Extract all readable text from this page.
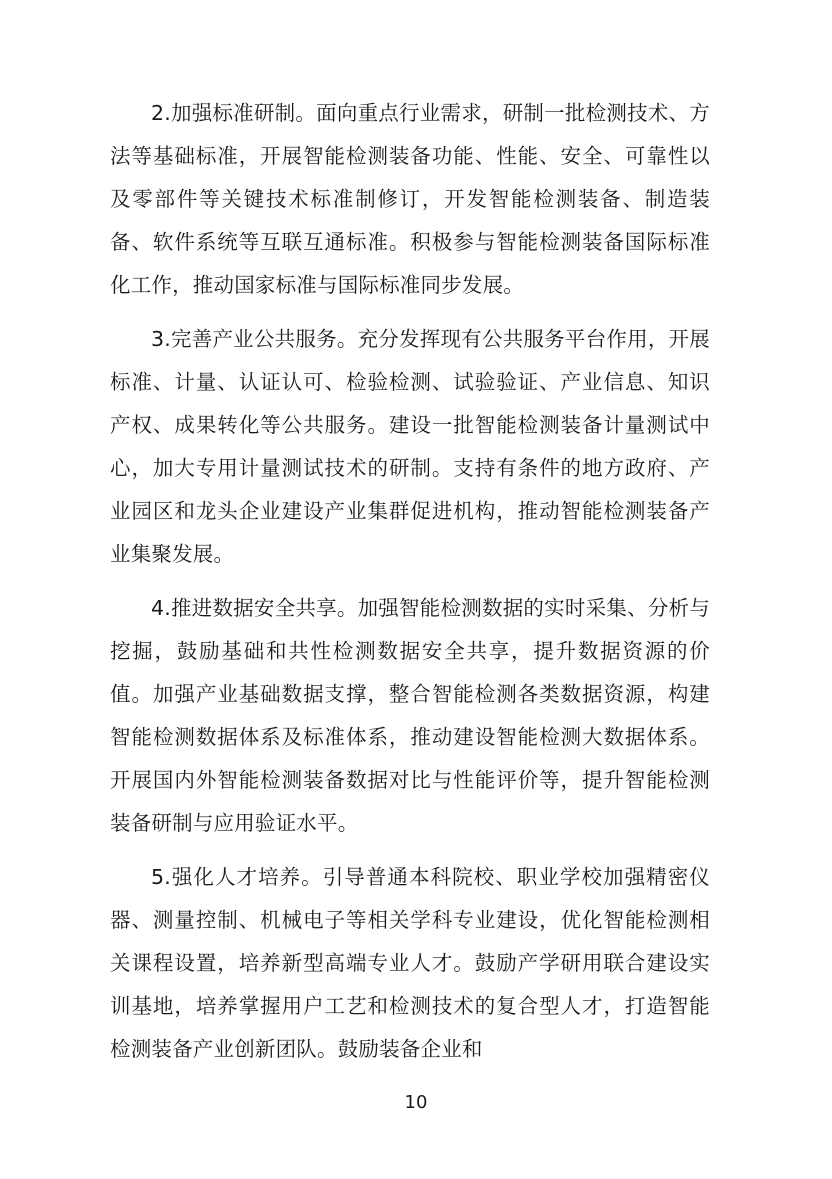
2.加强标准研制。面向重点行业需求，研制一批检测技术、方法等基础标准，开展智能检测装备功能、性能、安全、可靠性以及零部件等关键技术标准制修订，开发智能检测装备、制造装备、软件系统等互联互通标准。积极参与智能检测装备国际标准化工作，推动国家标准与国际标准同步发展。

3.完善产业公共服务。充分发挥现有公共服务平台作用，开展标准、计量、认证认可、检验检测、试验验证、产业信息、知识产权、成果转化等公共服务。建设一批智能检测装备计量测试中心，加大专用计量测试技术的研制。支持有条件的地方政府、产业园区和龙头企业建设产业集群促进机构，推动智能检测装备产业集聚发展。

4.推进数据安全共享。加强智能检测数据的实时采集、分析与挖掘，鼓励基础和共性检测数据安全共享，提升数据资源的价值。加强产业基础数据支撑，整合智能检测各类数据资源，构建智能检测数据体系及标准体系，推动建设智能检测大数据体系。开展国内外智能检测装备数据对比与性能评价等，提升智能检测装备研制与应用验证水平。

5.强化人才培养。引导普通本科院校、职业学校加强精密仪器、测量控制、机械电子等相关学科专业建设，优化智能检测相关课程设置，培养新型高端专业人才。鼓励产学研用联合建设实训基地，培养掌握用户工艺和检测技术的复合型人才，打造智能检测装备产业创新团队。鼓励装备企业和

10
